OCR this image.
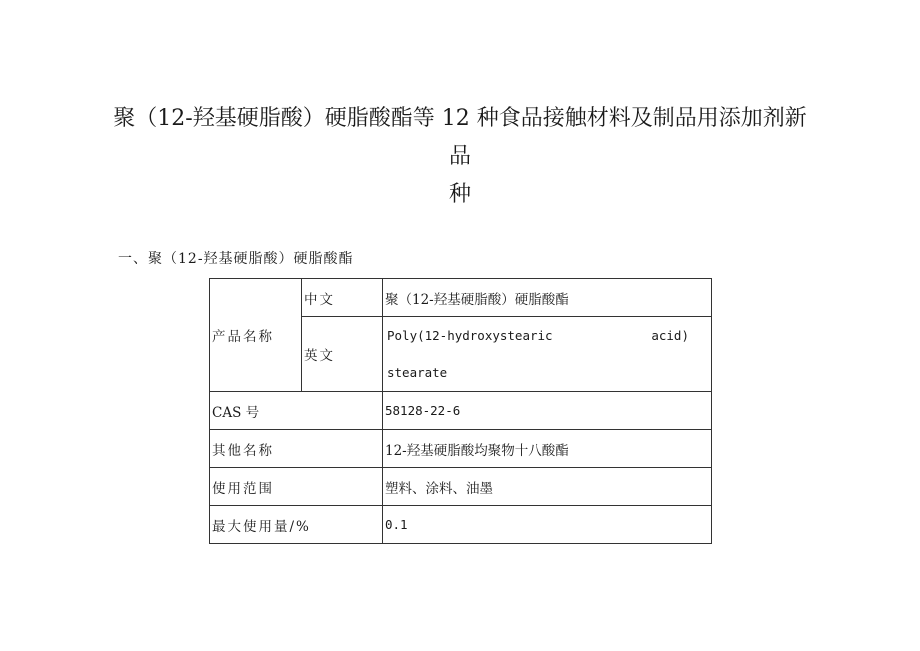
聚（12-羟基硬脂酸）硬脂酸酯等 12 种食品接触材料及制品用添加剂新
品
种
一、聚（12-羟基硬脂酸）硬脂酸酯
产品名称	中文	聚（12-羟基硬脂酸）硬脂酸酯
	英文	Poly(12-hydroxystearic acid)
stearate

CAS 号		58128-22-6
其他名称		12-羟基硬脂酸均聚物十八酸酯
使用范围		塑料、涂料、油墨
最大使用量/%		0.1
